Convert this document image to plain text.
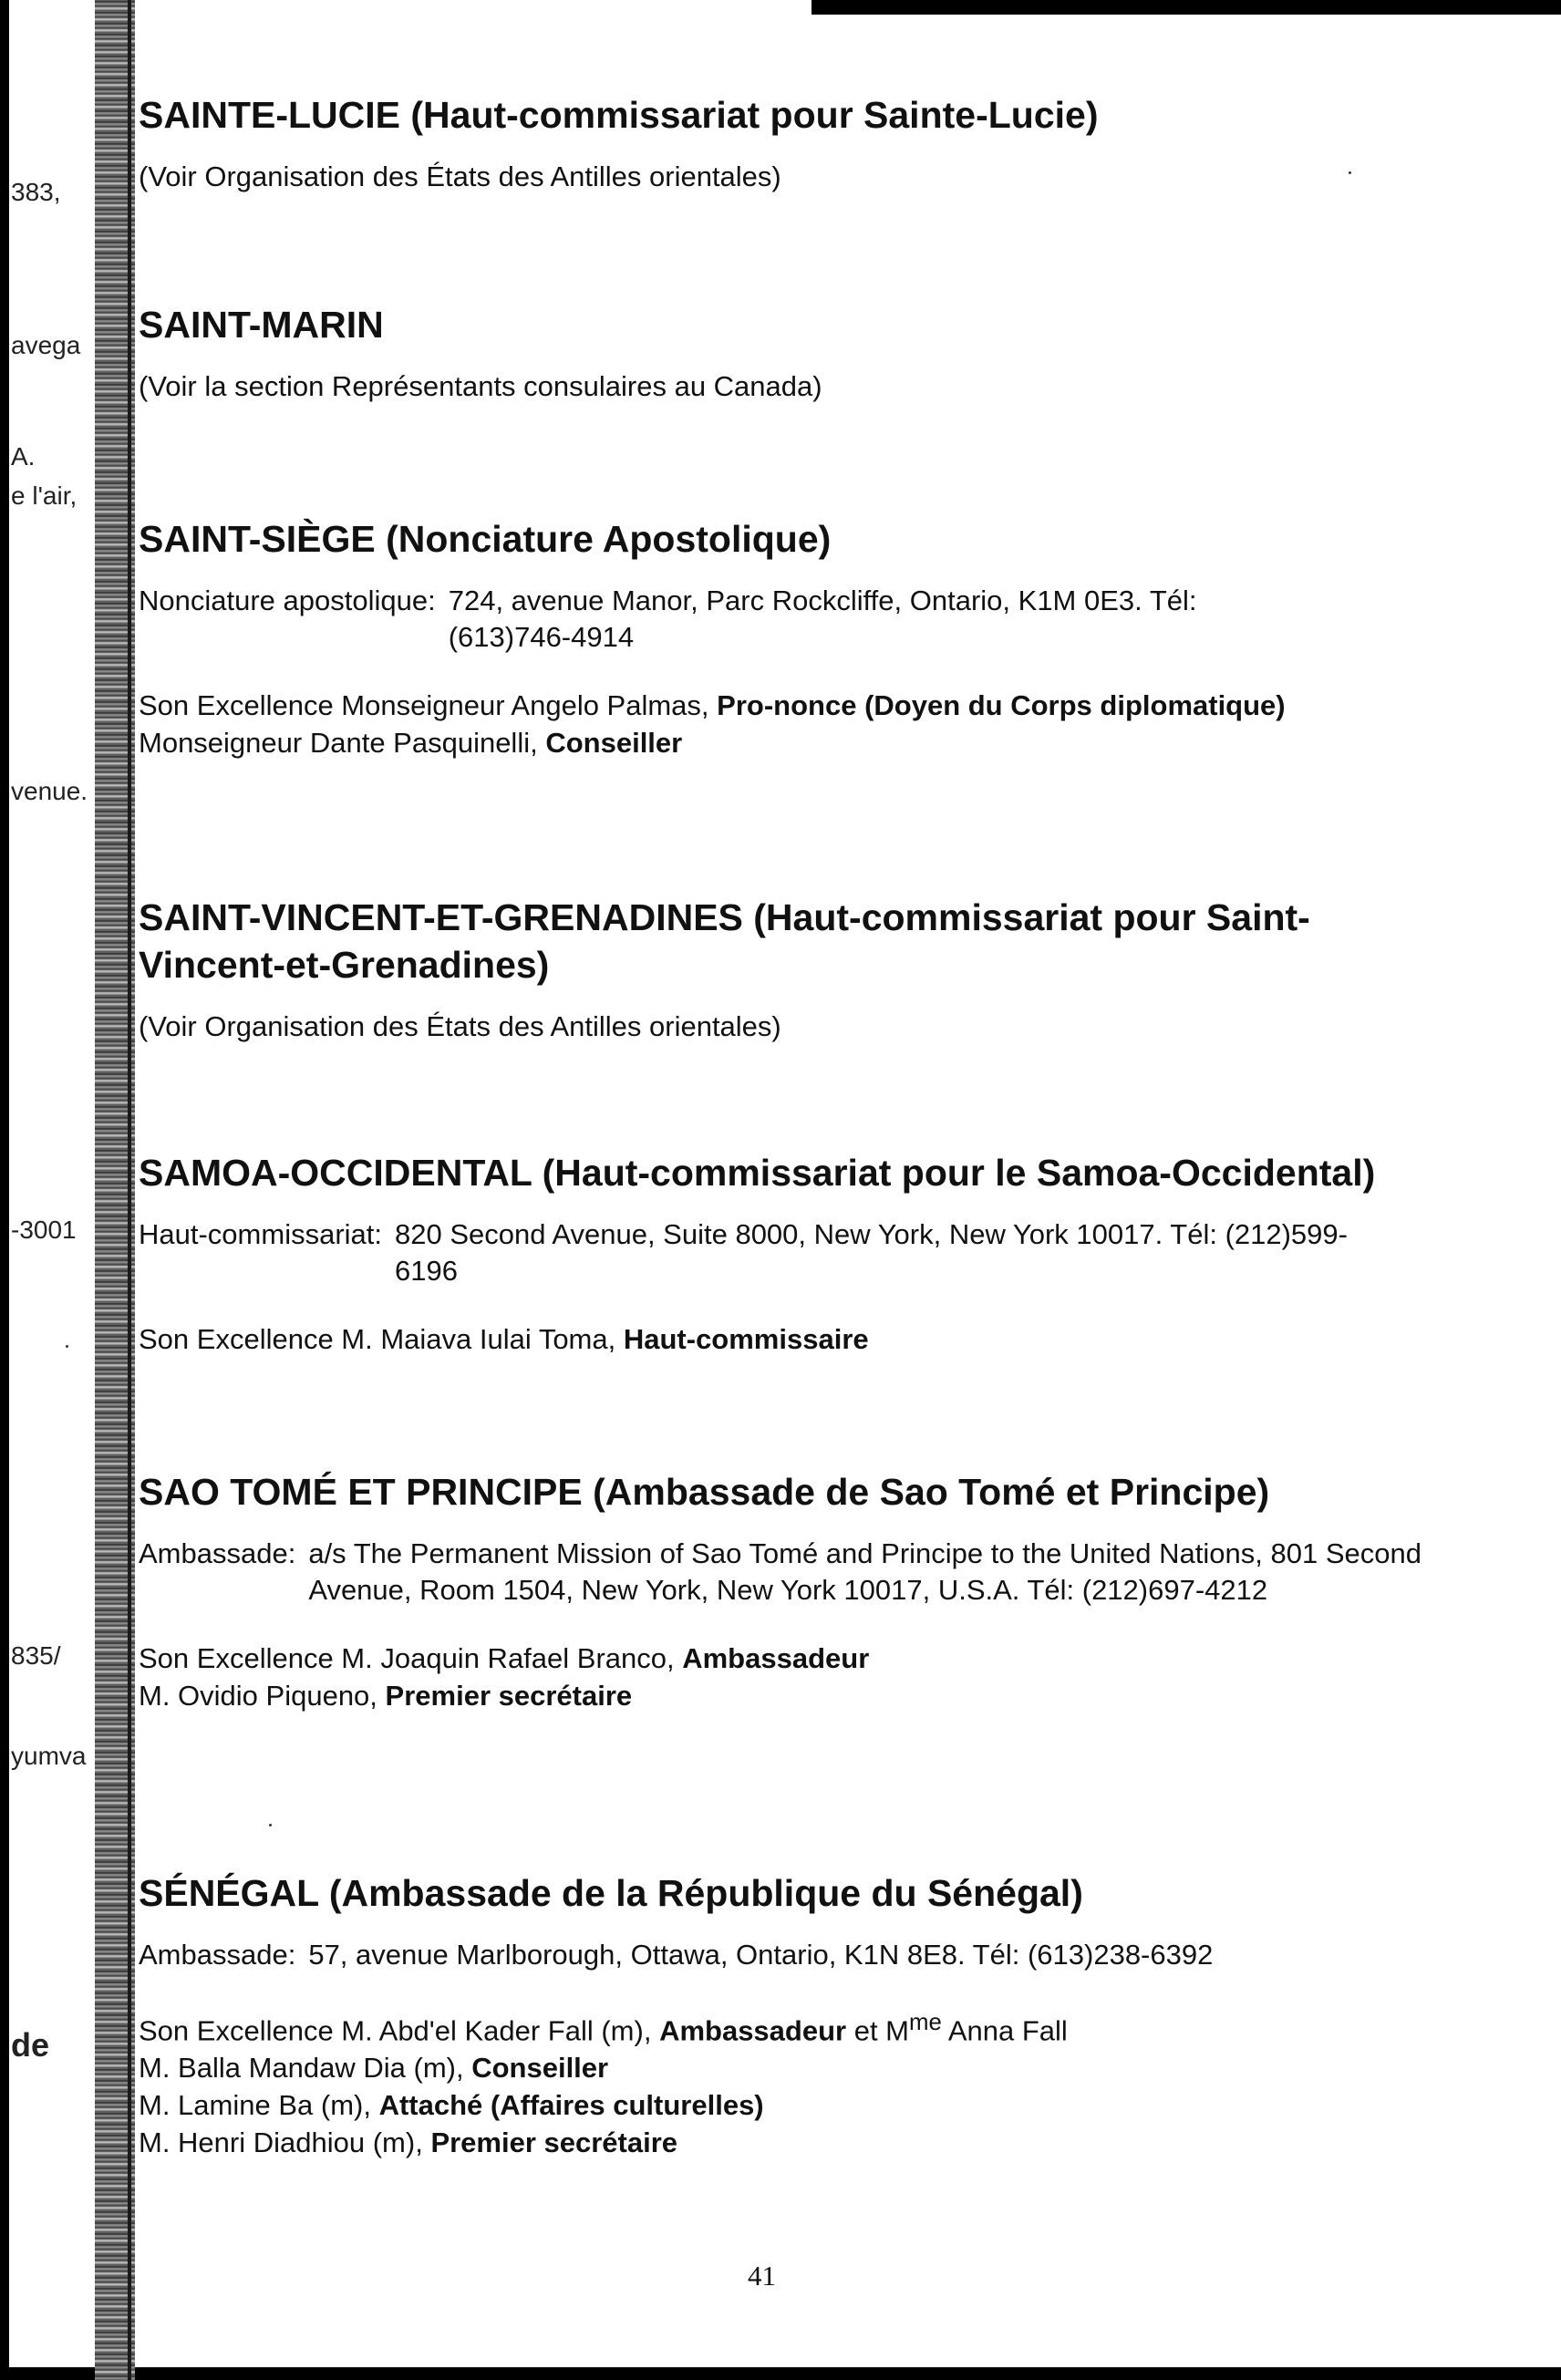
383,
avega
A.
e l'air,
venue.
-3001
835/
yumva
de
SAINTE-LUCIE (Haut-commissariat pour Sainte-Lucie)

(Voir Organisation des États des Antilles orientales)

SAINT-MARIN

(Voir la section Représentants consulaires au Canada)

SAINT-SIÈGE (Nonciature Apostolique)
Nonciature apostolique: 724, avenue Manor, Parc Rockcliffe, Ontario, K1M 0E3. Tél: (613)746-4914

Son Excellence Monseigneur Angelo Palmas, Pro-nonce (Doyen du Corps diplomatique)

Monseigneur Dante Pasquinelli, Conseiller

SAINT-VINCENT-ET-GRENADINES (Haut-commissariat pour Saint-Vincent-et-Grenadines)

(Voir Organisation des États des Antilles orientales)

SAMOA-OCCIDENTAL (Haut-commissariat pour le Samoa-Occidental)
Haut-commissariat: 820 Second Avenue, Suite 8000, New York, New York 10017. Tél: (212)599-6196

Son Excellence M. Maiava Iulai Toma, Haut-commissaire

SAO TOMÉ ET PRINCIPE (Ambassade de Sao Tomé et Principe)
Ambassade: a/s The Permanent Mission of Sao Tomé and Principe to the United Nations, 801 Second Avenue, Room 1504, New York, New York 10017, U.S.A. Tél: (212)697-4212

Son Excellence M. Joaquin Rafael Branco, Ambassadeur

M. Ovidio Piqueno, Premier secrétaire

SÉNÉGAL (Ambassade de la République du Sénégal)
Ambassade: 57, avenue Marlborough, Ottawa, Ontario, K1N 8E8. Tél: (613)238-6392

Son Excellence M. Abd'el Kader Fall (m), Ambassadeur et $M^{me}$ Anna Fall

M. Balla Mandaw Dia (m), Conseiller

M. Lamine Ba (m), Attaché (Affaires culturelles)

M. Henri Diadhiou (m), Premier secrétaire

41
